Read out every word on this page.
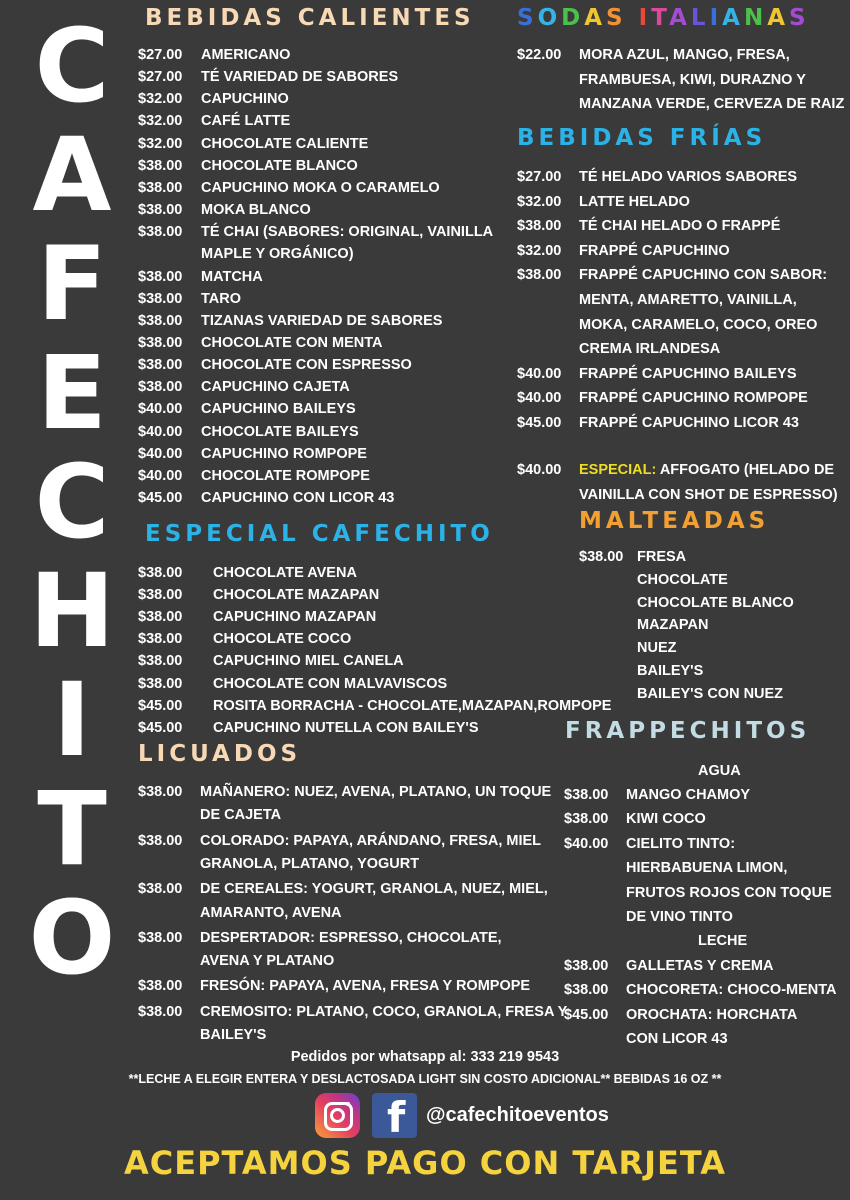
C
A
F
E
C
H
I
T
O
BEBIDAS CALIENTES
$27.00 AMERICANO
$27.00 TÉ VARIEDAD DE SABORES
$32.00 CAPUCHINO
$32.00 CAFÉ LATTE
$32.00 CHOCOLATE CALIENTE
$38.00 CHOCOLATE BLANCO
$38.00 CAPUCHINO MOKA O CARAMELO
$38.00 MOKA BLANCO
$38.00 TÉ CHAI (SABORES: ORIGINAL, VAINILLA
MAPLE Y ORGÁNICO)
$38.00 MATCHA
$38.00 TARO
$38.00 TIZANAS VARIEDAD DE SABORES
$38.00 CHOCOLATE CON MENTA
$38.00 CHOCOLATE CON ESPRESSO
$38.00 CAPUCHINO CAJETA
$40.00 CAPUCHINO BAILEYS
$40.00 CHOCOLATE BAILEYS
$40.00 CAPUCHINO ROMPOPE
$40.00 CHOCOLATE ROMPOPE
$45.00 CAPUCHINO CON LICOR 43
ESPECIAL CAFECHITO
$38.00 CHOCOLATE AVENA
$38.00 CHOCOLATE MAZAPAN
$38.00 CAPUCHINO MAZAPAN
$38.00 CHOCOLATE COCO
$38.00 CAPUCHINO MIEL CANELA
$38.00 CHOCOLATE CON MALVAVISCOS
$45.00 ROSITA BORRACHA - CHOCOLATE,MAZAPAN,ROMPOPE
$45.00 CAPUCHINO NUTELLA CON BAILEY'S
LICUADOS
$38.00 MAÑANERO: NUEZ, AVENA, PLATANO, UN TOQUE
DE CAJETA
$38.00 COLORADO: PAPAYA, ARÁNDANO, FRESA, MIEL
GRANOLA, PLATANO, YOGURT
$38.00 DE CEREALES: YOGURT, GRANOLA, NUEZ, MIEL,
AMARANTO, AVENA
$38.00 DESPERTADOR: ESPRESSO, CHOCOLATE,
AVENA Y PLATANO
$38.00 FRESÓN: PAPAYA, AVENA, FRESA Y ROMPOPE
$38.00 CREMOSITO: PLATANO, COCO, GRANOLA, FRESA Y
BAILEY'S
SODAS ITALIANAS
$22.00 MORA AZUL, MANGO, FRESA,
FRAMBUESA, KIWI, DURAZNO Y
MANZANA VERDE, CERVEZA DE RAIZ
BEBIDAS FRÍAS
$27.00 TÉ HELADO VARIOS SABORES
$32.00 LATTE HELADO
$38.00 TÉ CHAI HELADO O FRAPPÉ
$32.00 FRAPPÉ CAPUCHINO
$38.00 FRAPPÉ CAPUCHINO CON SABOR:
MENTA, AMARETTO, VAINILLA,
MOKA, CARAMELO, COCO, OREO
CREMA IRLANDESA
$40.00 FRAPPÉ CAPUCHINO BAILEYS
$40.00 FRAPPÉ CAPUCHINO ROMPOPE
$45.00 FRAPPÉ CAPUCHINO LICOR 43
$40.00 ESPECIAL: AFFOGATO (HELADO DE
VAINILLA CON SHOT DE ESPRESSO)
MALTEADAS
$38.00 FRESA
CHOCOLATE
CHOCOLATE BLANCO
MAZAPAN
NUEZ
BAILEY'S
BAILEY'S CON NUEZ
FRAPPECHITOS
AGUA
$38.00 MANGO CHAMOY
$38.00 KIWI COCO
$40.00 CIELITO TINTO:
HIERBABUENA LIMON,
FRUTOS ROJOS CON TOQUE
DE VINO TINTO
LECHE
$38.00 GALLETAS Y CREMA
$38.00 CHOCORETA: CHOCO-MENTA
$45.00 OROCHATA: HORCHATA
CON LICOR 43
Pedidos por whatsapp al: 333 219 9543
**LECHE A ELEGIR ENTERA Y DESLACTOSADA LIGHT SIN COSTO ADICIONAL** BEBIDAS 16 OZ **
f @cafechitoeventos
ACEPTAMOS PAGO CON TARJETA
